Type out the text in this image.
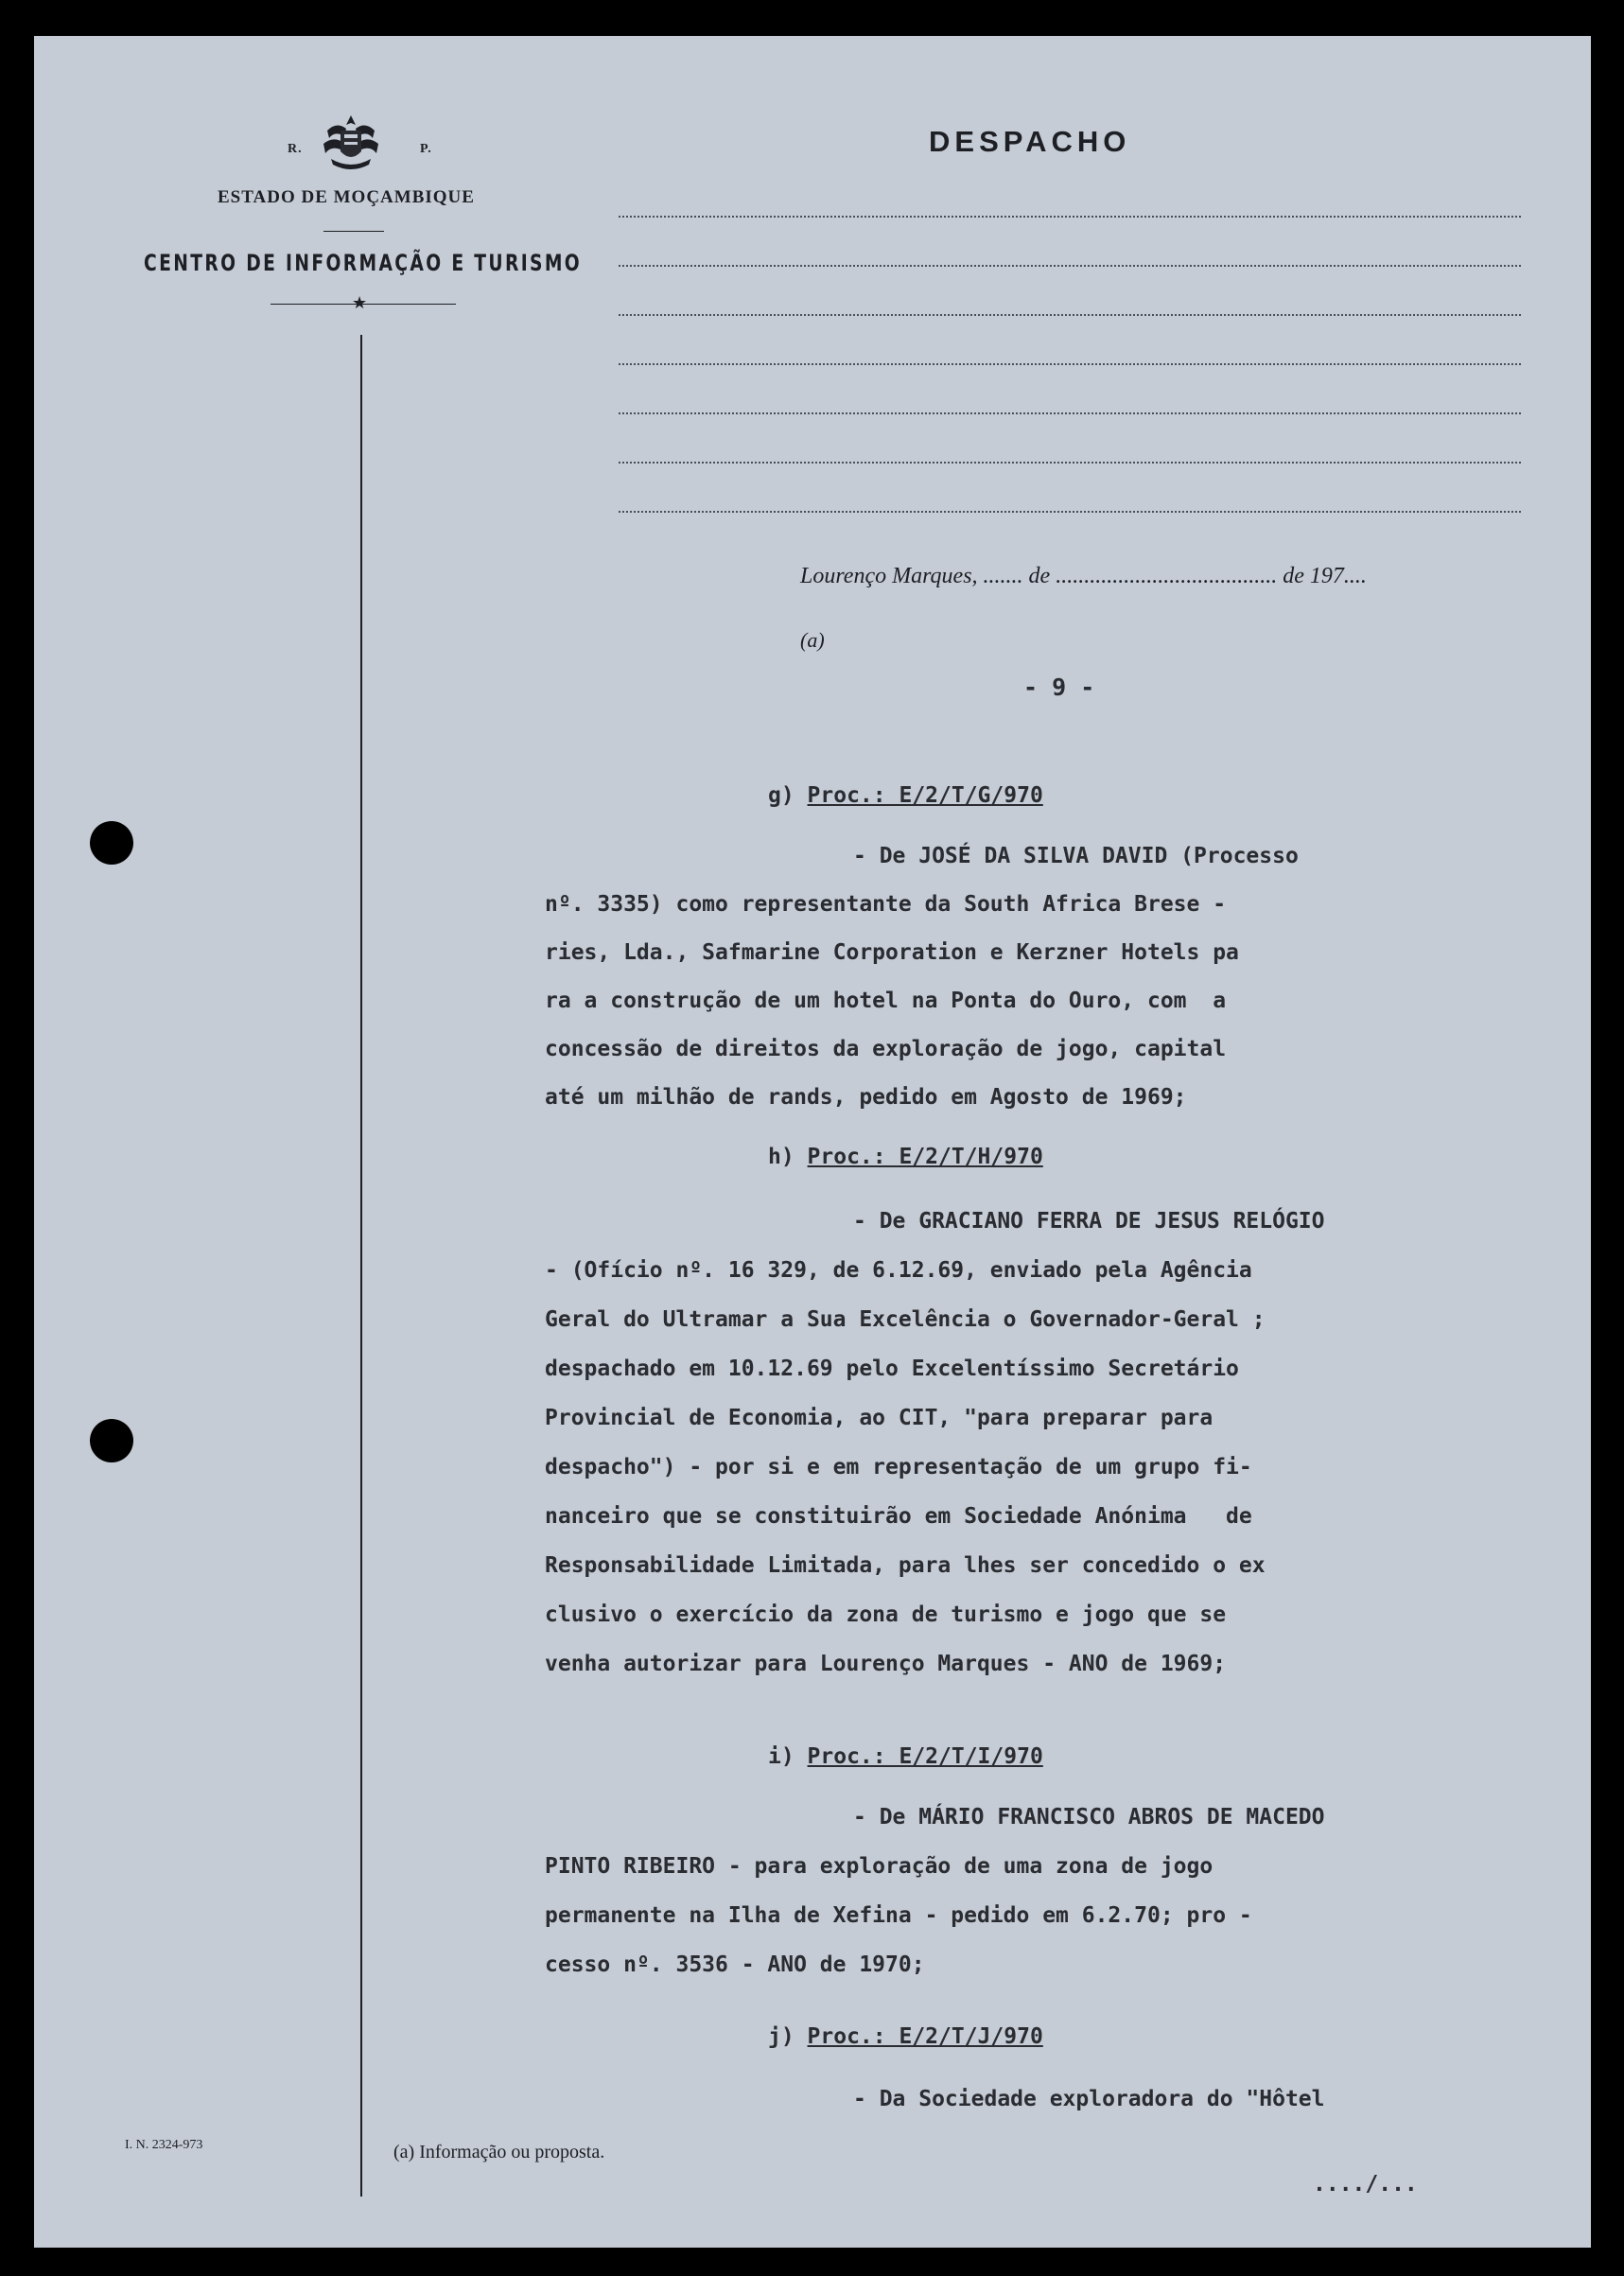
R.	P.
ESTADO DE MOÇAMBIQUE
CENTRO DE INFORMAÇÃO E TURISMO
★
DESPACHO
Lourenço Marques, ....... de ....................................... de 197....
(a)
- 9 -
g) Proc.: E/2/T/G/970
- De JOSÉ DA SILVA DAVID (Processo
nº. 3335) como representante da South Africa Brese -
ries, Lda., Safmarine Corporation e Kerzner Hotels pa
ra a construção de um hotel na Ponta do Ouro, com  a
concessão de direitos da exploração de jogo, capital
até um milhão de rands, pedido em Agosto de 1969;
h) Proc.: E/2/T/H/970
- De GRACIANO FERRA DE JESUS RELÓGIO
- (Ofício nº. 16 329, de 6.12.69, enviado pela Agência
Geral do Ultramar a Sua Excelência o Governador-Geral ;
despachado em 10.12.69 pelo Excelentíssimo Secretário
Provincial de Economia, ao CIT, "para preparar para
despacho") - por si e em representação de um grupo fi-
nanceiro que se constituirão em Sociedade Anónima   de
Responsabilidade Limitada, para lhes ser concedido o ex
clusivo o exercício da zona de turismo e jogo que se
venha autorizar para Lourenço Marques - ANO de 1969;
i) Proc.: E/2/T/I/970
- De MÁRIO FRANCISCO ABROS DE MACEDO
PINTO RIBEIRO - para exploração de uma zona de jogo
permanente na Ilha de Xefina - pedido em 6.2.70; pro -
cesso nº. 3536 - ANO de 1970;
j) Proc.: E/2/T/J/970
- Da Sociedade exploradora do "Hôtel
I. N. 2324-973	(a) Informação ou proposta.
..../...
